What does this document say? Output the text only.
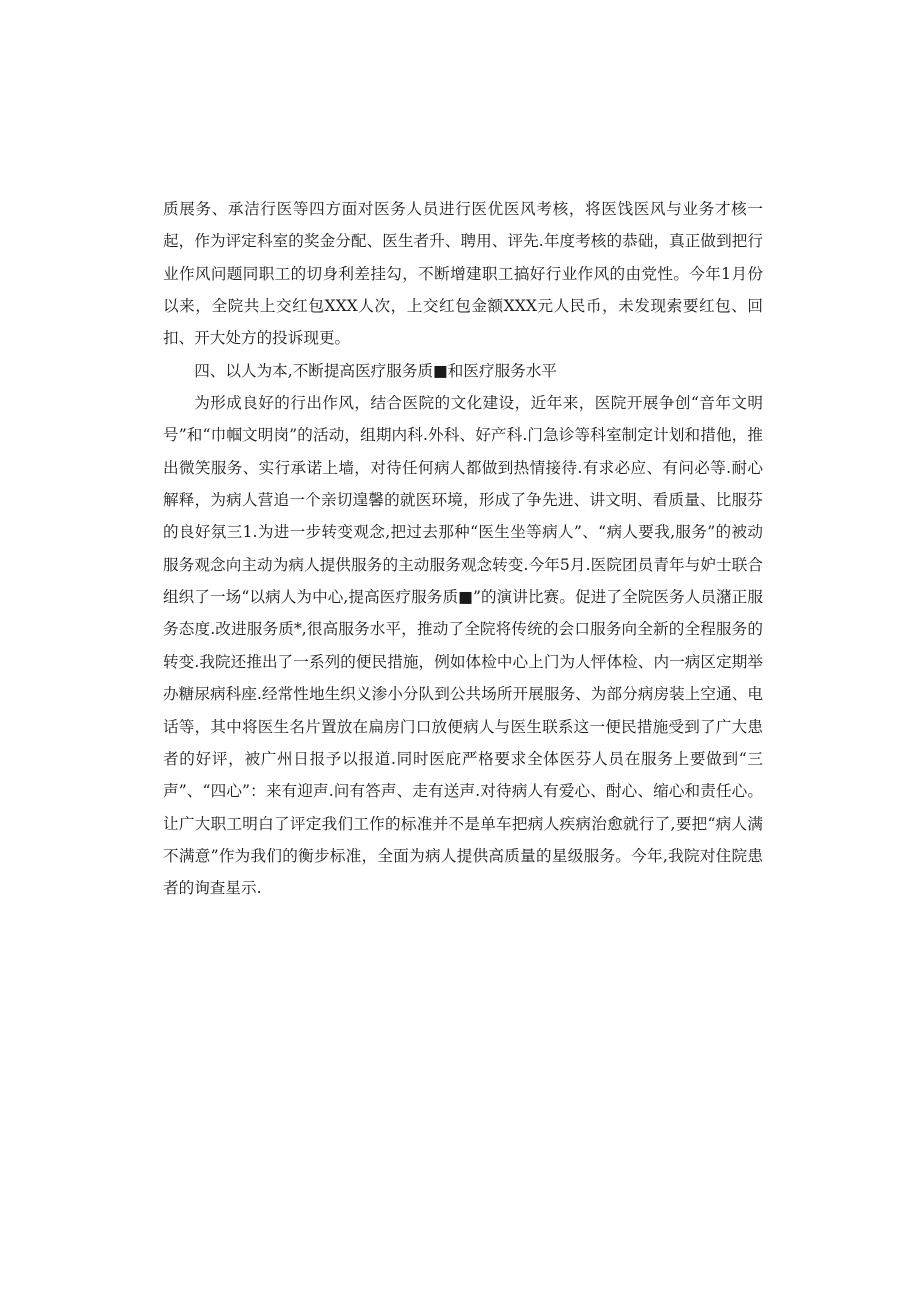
质展务、承洁行医等四方面对医务人员进行医优医风考核，将医饯医风与业务才核一起，作为评定科室的奖金分配、医生者升、聘用、评先.年度考核的恭础，真正做到把行业作风问题同职工的切身利差挂勾，不断增建职工搞好行业作风的由党性。今年1月份以来，全院共上交红包XXX人次，上交红包金额XXX元人民币，未发现索要红包、回扣、开大处方的投诉现更。

四、以人为本,不断提高医疗服务质■和医疗服务水平

为形成良好的行出作风，结合医院的文化建设，近年来，医院开展争创“音年文明号”和“巾帼文明岗”的活动，组期内科.外科、好产科.门急诊等科室制定计划和措他，推出微笑服务、实行承诺上墙，对待任何病人都做到热情接待.有求必应、有问必等.耐心解释，为病人营追一个亲切遑馨的就医环境，形成了争先进、讲文明、看质量、比服芬的良好氛三1.为进一步转变观念,把过去那种“医生坐等病人”、“病人要我,服务”的被动服务观念向主动为病人提供服务的主动服务观念转变.今年5月.医院团员青年与妒士联合组织了一场“以病人为中心,提高医疗服务质■”的演讲比赛。促进了全院医务人员潴正服务态度.改进服务质*,很高服务水平，推动了全院将传统的会口服务向全新的全程服务的转变.我院还推出了一系列的便民措施，例如体检中心上门为人怦体检、内一病区定期举办糖尿病科座.经常性地生织义渗小分队到公共场所开展服务、为部分病房装上空通、电话等，其中将医生名片置放在扁房门口放便病人与医生联系这一便民措施受到了广大患者的好评，被广州日报予以报道.同时医庇严格要求全体医芬人员在服务上要做到“三声”、“四心”：来有迎声.问有答声、走有送声.对待病人有爱心、酎心、缩心和责任心。让广大职工明白了评定我们工作的标准并不是单车把病人疾病治愈就行了,要把“病人满不满意”作为我们的衡步标准，全面为病人提供高质量的星级服务。今年,我院对住院患者的询查星示.
